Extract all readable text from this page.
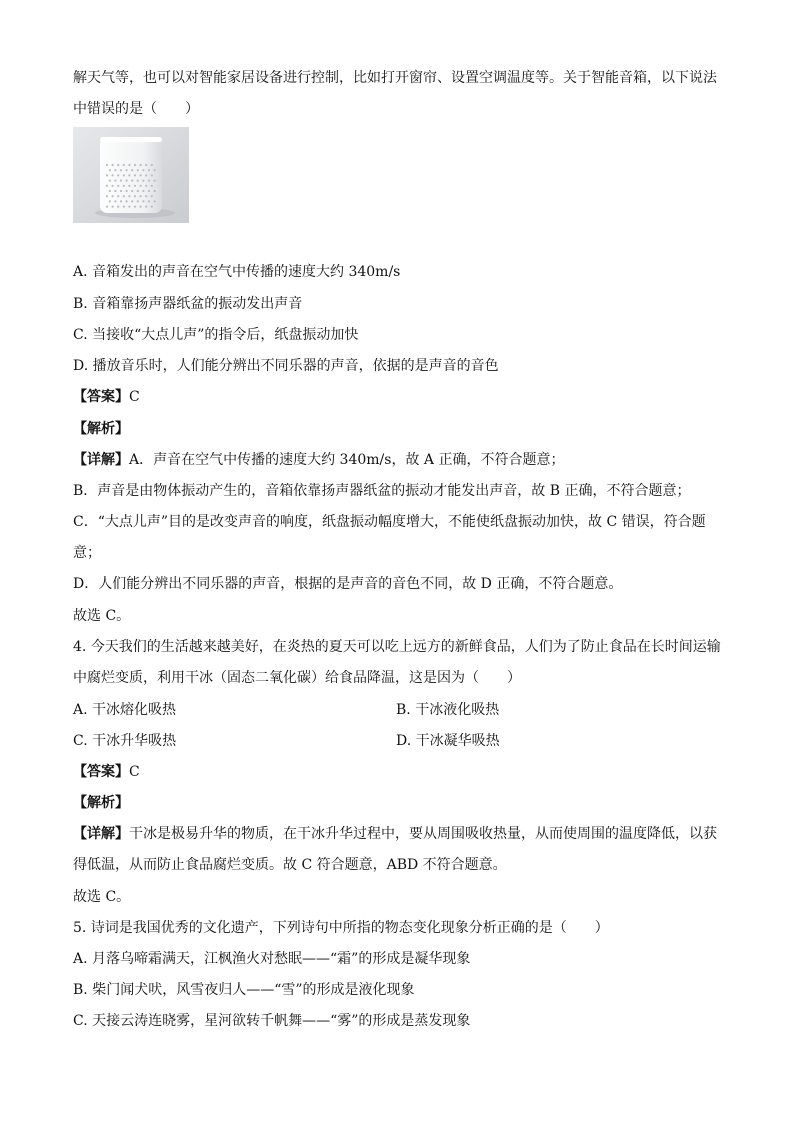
解天气等，也可以对智能家居设备进行控制，比如打开窗帘、设置空调温度等。关于智能音箱，以下说法
中错误的是（　　）
A. 音箱发出的声音在空气中传播的速度大约 340m/s
B. 音箱靠扬声器纸盆的振动发出声音
C. 当接收“大点儿声”的指令后，纸盘振动加快
D. 播放音乐时，人们能分辨出不同乐器的声音，依据的是声音的音色
【答案】C
【解析】
【详解】A．声音在空气中传播的速度大约 340m/s，故 A 正确，不符合题意；
B．声音是由物体振动产生的，音箱依靠扬声器纸盆的振动才能发出声音，故 B 正确，不符合题意；
C．“大点儿声”目的是改变声音的响度，纸盘振动幅度增大，不能使纸盘振动加快，故 C 错误，符合题
意；
D．人们能分辨出不同乐器的声音，根据的是声音的音色不同，故 D 正确，不符合题意。
故选 C。
4. 今天我们的生活越来越美好，在炎热的夏天可以吃上远方的新鲜食品，人们为了防止食品在长时间运输
中腐烂变质，利用干冰（固态二氧化碳）给食品降温，这是因为（　　）
A. 干冰熔化吸热	B. 干冰液化吸热
C. 干冰升华吸热	D. 干冰凝华吸热
【答案】C
【解析】
【详解】干冰是极易升华的物质，在干冰升华过程中，要从周围吸收热量，从而使周围的温度降低，以获
得低温，从而防止食品腐烂变质。故 C 符合题意，ABD 不符合题意。
故选 C。
5. 诗词是我国优秀的文化遗产，下列诗句中所指的物态变化现象分析正确的是（　　）
A. 月落乌啼霜满天，江枫渔火对愁眠——“霜”的形成是凝华现象
B. 柴门闻犬吠，风雪夜归人——“雪”的形成是液化现象
C. 天接云涛连晓雾，星河欲转千帆舞——“雾”的形成是蒸发现象
